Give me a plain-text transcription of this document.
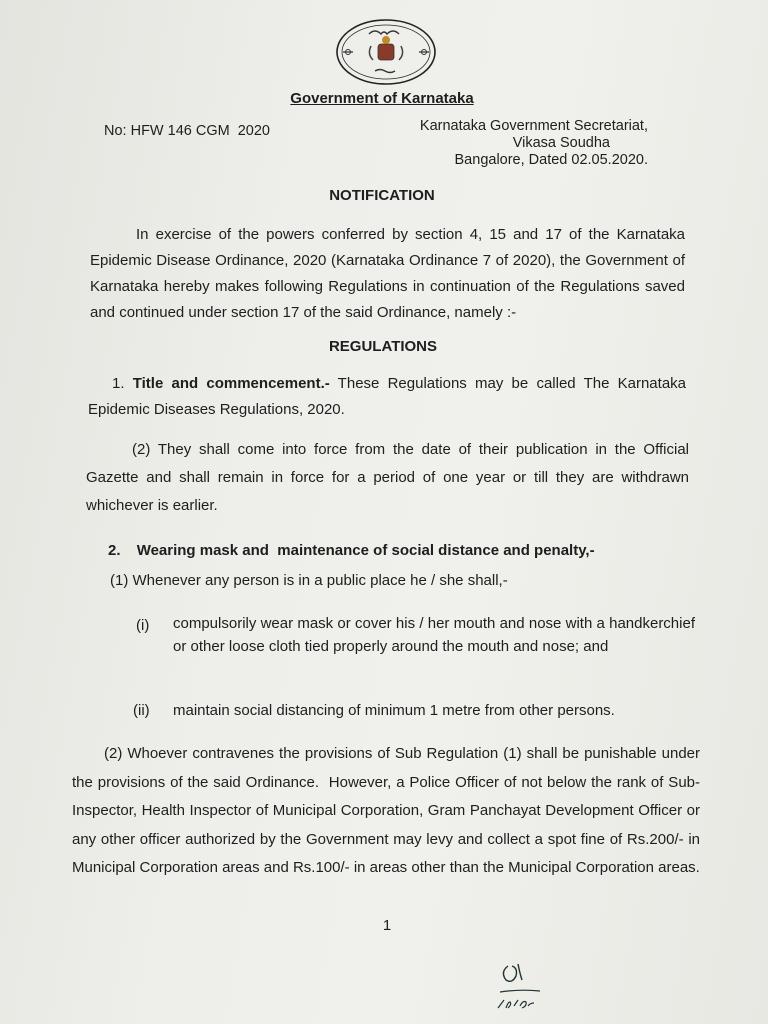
Government of Karnataka
No: HFW 146 CGM  2020	Karnataka Government Secretariat,
Vikasa Soudha
Bangalore, Dated 02.05.2020.
NOTIFICATION
In exercise of the powers conferred by section 4, 15 and 17 of the Karnataka Epidemic Disease Ordinance, 2020 (Karnataka Ordinance 7 of 2020), the Government of Karnataka hereby makes following Regulations in continuation of the Regulations saved and continued under section 17 of the said Ordinance, namely :-
REGULATIONS
1. Title and commencement.- These Regulations may be called The Karnataka Epidemic Diseases Regulations, 2020.
(2) They shall come into force from the date of their publication in the Official Gazette and shall remain in force for a period of one year or till they are withdrawn whichever is earlier.
2. Wearing mask and  maintenance of social distance and penalty,-
(1) Whenever any person is in a public place he / she shall,-
(i) compulsorily wear mask or cover his / her mouth and nose with a handkerchief or other loose cloth tied properly around the mouth and nose; and
(ii) maintain social distancing of minimum 1 metre from other persons.
(2) Whoever contravenes the provisions of Sub Regulation (1) shall be punishable under the provisions of the said Ordinance.  However, a Police Officer of not below the rank of Sub-Inspector, Health Inspector of Municipal Corporation, Gram Panchayat Development Officer or any other officer authorized by the Government may levy and collect a spot fine of Rs.200/- in Municipal Corporation areas and Rs.100/- in areas other than the Municipal Corporation areas.
1
